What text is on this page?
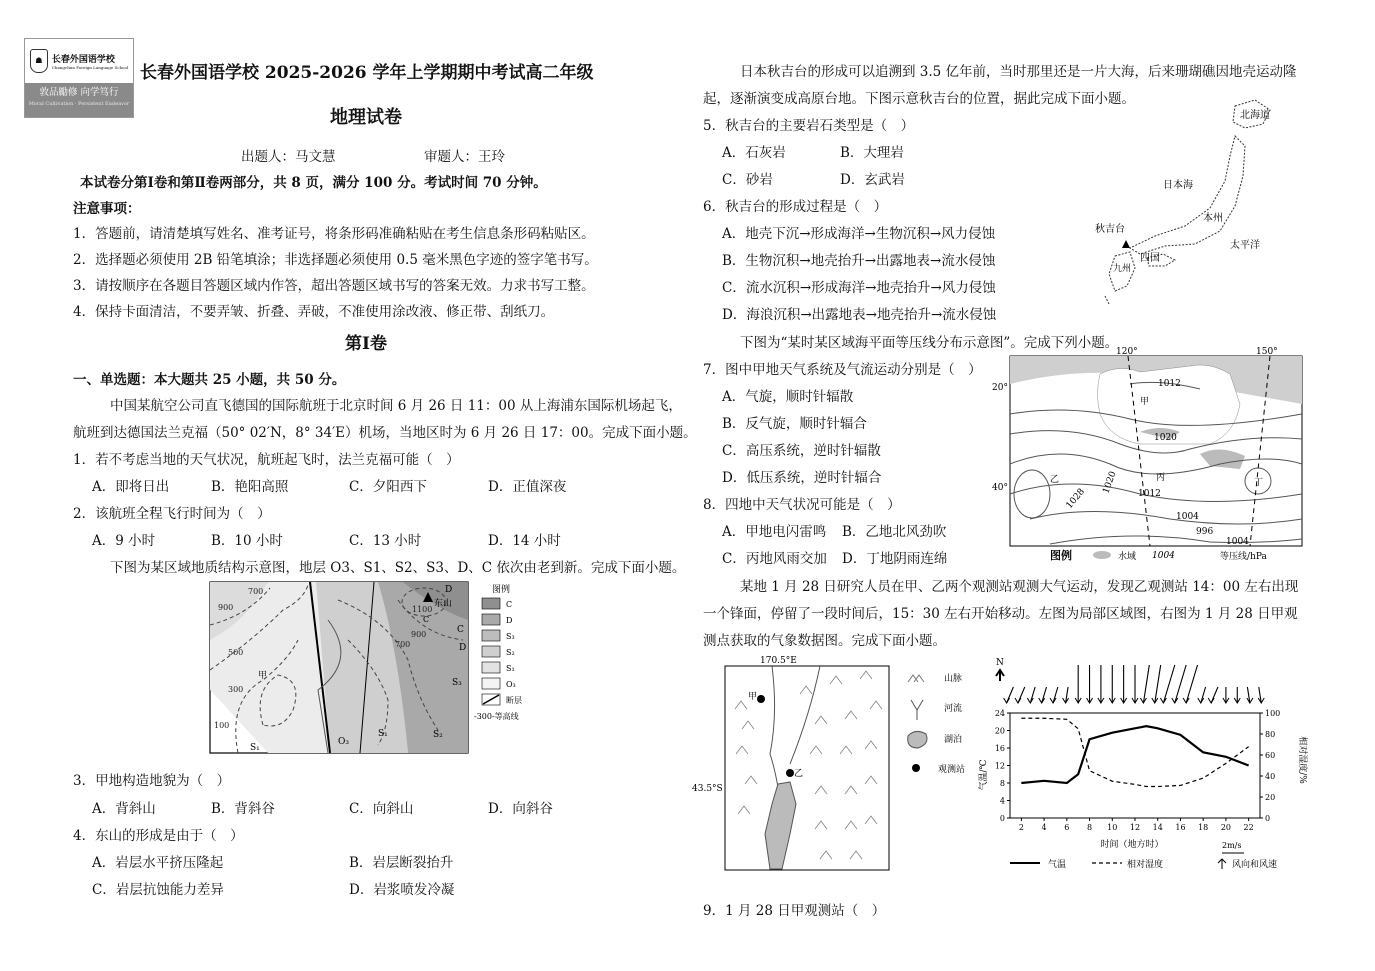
☗	长春外国语学校
Changchun Foreign Language School
敦品勵修 向学笃行
Moral Cultivation · Persistent Endeavor
长春外国语学校 2025-2026 学年上学期期中考试高二年级
地理试卷
出题人：马文慧	审题人：王玲
本试卷分第Ⅰ卷和第Ⅱ卷两部分，共 8 页，满分 100 分。考试时间 70 分钟。
注意事项：
1．答题前，请清楚填写姓名、准考证号，将条形码准确粘贴在考生信息条形码粘贴区。
2．选择题必须使用 2B 铅笔填涂；非选择题必须使用 0.5 毫米黑色字迹的签字笔书写。
3．请按顺序在各题目答题区域内作答，超出答题区域书写的答案无效。力求书写工整。
4．保持卡面清洁，不要弄皱、折叠、弄破，不准使用涂改液、修正带、刮纸刀。
第Ⅰ卷
一、单选题：本大题共 25 小题，共 50 分。
中国某航空公司直飞德国的国际航班于北京时间 6 月 26 日 11：00 从上海浦东国际机场起飞，
航班到达德国法兰克福（50° 02′N，8° 34′E）机场，当地区时为 6 月 26 日 17：00。完成下面小题。
1．若不考虑当地的天气状况，航班起飞时，法兰克福可能（　）
A．即将日出	B．艳阳高照	C．夕阳西下	D．正值深夜
2．该航班全程飞行时间为（　）
A．9 小时	B．10 小时	C．13 小时	D．14 小时
下图为某区域地质结构示意图，地层 O3、S1、S2、S3、D、C 依次由老到新。完成下面小题。
900
700
500
300
100
900
700
1100
甲
东山
O₃
S₁	S₂
S₃
S₁
D
C
C
D
图例
C
D
S₃
S₂
S₁
O₃
断层
-300-等高线
3．甲地构造地貌为（　）
A．背斜山	B．背斜谷	C．向斜山	D．向斜谷
4．东山的形成是由于（　）
A．岩层水平挤压隆起	B．岩层断裂抬升
C．岩层抗蚀能力差异	D．岩浆喷发冷凝
日本秋吉台的形成可以追溯到 3.5 亿年前，当时那里还是一片大海，后来珊瑚礁因地壳运动隆
起，逐渐演变成高原台地。下图示意秋吉台的位置，据此完成下面小题。
5．秋吉台的主要岩石类型是（　）
A．石灰岩	B．大理岩
C．砂岩	D．玄武岩
6．秋吉台的形成过程是（　）
A．地壳下沉→形成海洋→生物沉积→风力侵蚀
B．生物沉积→地壳抬升→出露地表→流水侵蚀
C．流水沉积→形成海洋→地壳抬升→风力侵蚀
D．海浪沉积→出露地表→地壳抬升→流水侵蚀
北海道
日本海
本州
秋吉台
太平洋
九州
四国
下图为“某时某区域海平面等压线分布示意图”。完成下列小题。
7．图中甲地天气系统及气流运动分别是（　）
A．气旋，顺时针辐散
B．反气旋，顺时针辐合
C．高压系统，逆时针辐散
D．低压系统，逆时针辐合
8．四地中天气状况可能是（　）
A．甲地电闪雷鸣 B．乙地北风劲吹
C．丙地风雨交加 D．丁地阴雨连绵
120°	150°
20°
40°
1012
1020
1020 1012
1028
1004
996
1004
甲
乙	丙	丁
图例	水域 1004	等压线/hPa
某地 1 月 28 日研究人员在甲、乙两个观测站观测大气运动，发现乙观测站 14：00 左右出现
一个锋面，停留了一段时间后，15：30 左右开始移动。左图为局部区域图，右图为 1 月 28 日甲观
测点获取的气象数据图。完成下面小题。
甲
乙
170.5°E
43.5°S
山脉
河流
湖泊
观测站
N
2 4 6 8 10 12 14 16 18 20 22
0
4
8
12
16
20
24
0
20
40
60
80
100
气温/℃	相对湿度/%
时间（地方时）	2m/s
气温	相对湿度	风向和风速
9．1 月 28 日甲观测站（　）
